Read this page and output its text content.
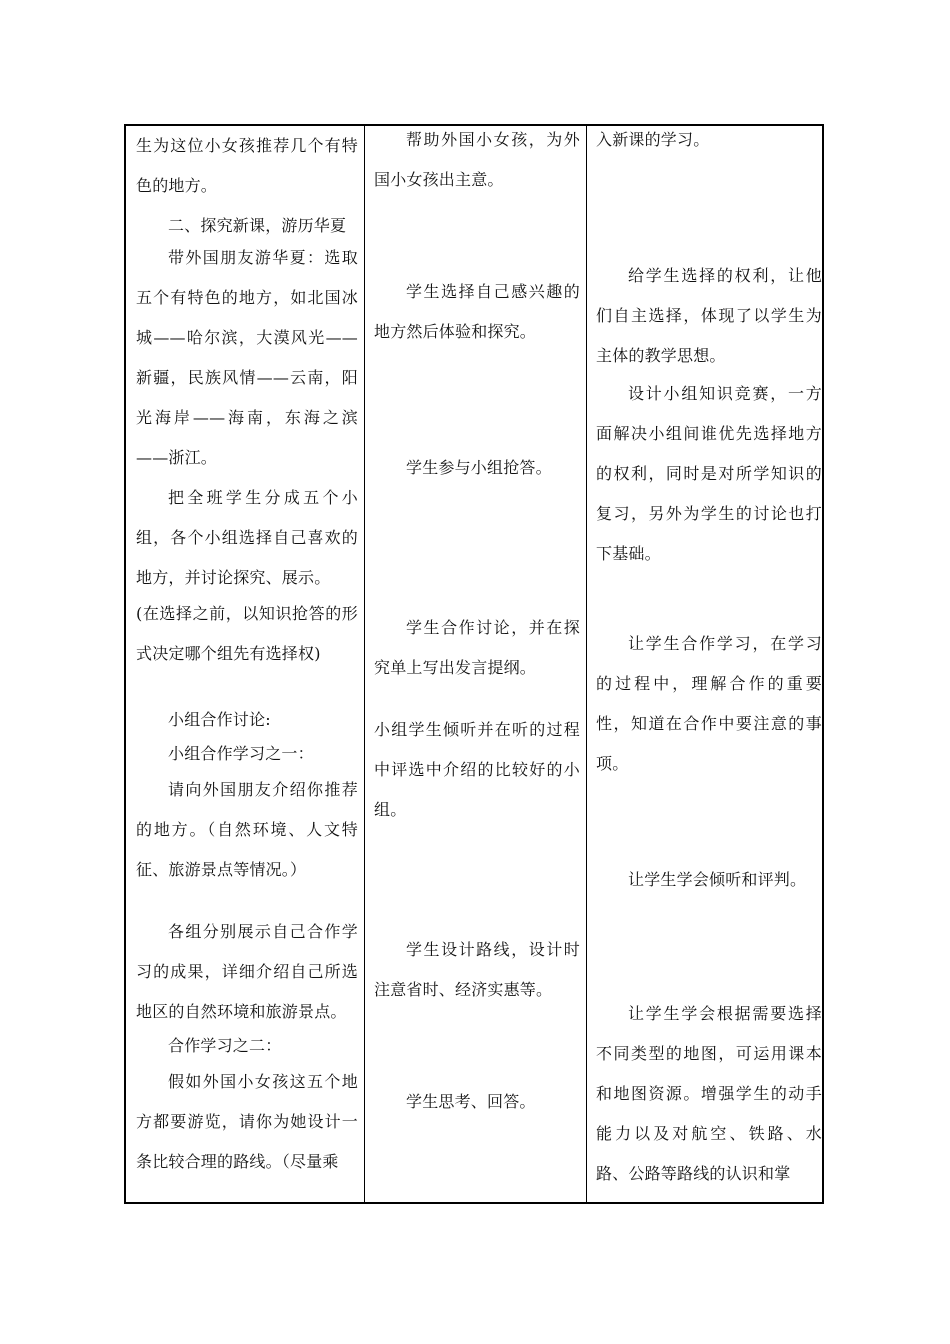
生为这位小女孩推荐几个有特色的地方。

二、探究新课，游历华夏

带外国朋友游华夏：选取五个有特色的地方，如北国冰城——哈尔滨，大漠风光——新疆，民族风情——云南，阳光海岸——海南，东海之滨——浙江。

把全班学生分成五个小组，各个小组选择自己喜欢的地方，并讨论探究、展示。

(在选择之前，以知识抢答的形式决定哪个组先有选择权)

小组合作讨论:

小组合作学习之一：

请向外国朋友介绍你推荐的地方。（自然环境、人文特征、旅游景点等情况。）

各组分别展示自己合作学习的成果，详细介绍自己所选地区的自然环境和旅游景点。

合作学习之二：

假如外国小女孩这五个地方都要游览，请你为她设计一条比较合理的路线。（尽量乘

帮助外国小女孩，为外国小女孩出主意。

学生选择自己感兴趣的地方然后体验和探究。

学生参与小组抢答。

学生合作讨论，并在探究单上写出发言提纲。

小组学生倾听并在听的过程中评选中介绍的比较好的小组。

学生设计路线，设计时注意省时、经济实惠等。

学生思考、回答。

入新课的学习。

给学生选择的权利，让他们自主选择，体现了以学生为主体的教学思想。

设计小组知识竞赛，一方面解决小组间谁优先选择地方的权利，同时是对所学知识的复习，另外为学生的讨论也打下基础。

让学生合作学习，在学习的过程中，理解合作的重要性，知道在合作中要注意的事项。

让学生学会倾听和评判。

让学生学会根据需要选择不同类型的地图，可运用课本和地图资源。增强学生的动手能力以及对航空、铁路、水路、公路等路线的认识和掌
